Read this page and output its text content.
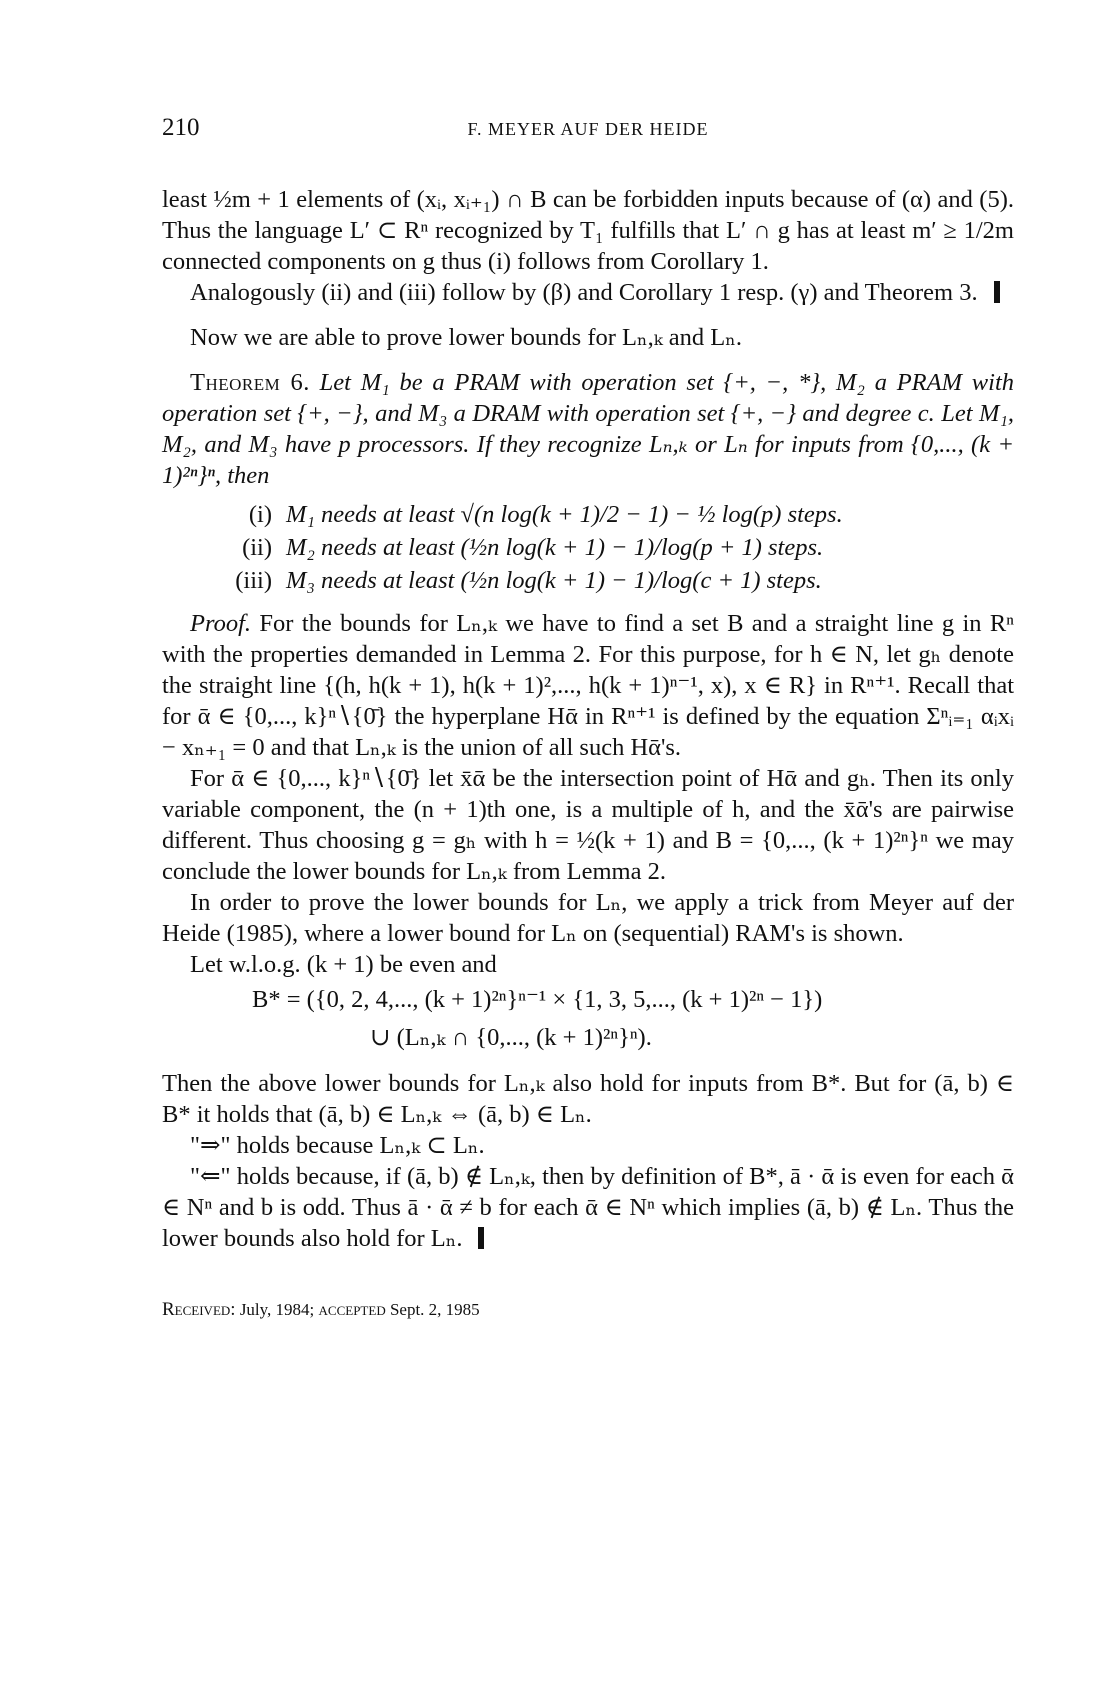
210	F. MEYER AUF DER HEIDE

least ½m + 1 elements of (xᵢ, xᵢ₊₁) ∩ B can be forbidden inputs because of (α) and (5). Thus the language L′ ⊂ Rⁿ recognized by T₁ fulfills that L′ ∩ g has at least m′ ≥ 1/2m connected components on g thus (i) follows from Corollary 1.

Analogously (ii) and (iii) follow by (β) and Corollary 1 resp. (γ) and Theorem 3.

Now we are able to prove lower bounds for Lₙ,ₖ and Lₙ.

Theorem 6. Let M₁ be a PRAM with operation set {+, −, *}, M₂ a PRAM with operation set {+, −}, and M₃ a DRAM with operation set {+, −} and degree c. Let M₁, M₂, and M₃ have p processors. If they recognize Lₙ,ₖ or Lₙ for inputs from {0,..., (k + 1)²ⁿ}ⁿ, then

(i) M₁ needs at least √(n log(k + 1)/2 − 1) − ½ log(p) steps.
(ii) M₂ needs at least (½n log(k + 1) − 1)/log(p + 1) steps.
(iii) M₃ needs at least (½n log(k + 1) − 1)/log(c + 1) steps.

Proof. For the bounds for Lₙ,ₖ we have to find a set B and a straight line g in Rⁿ with the properties demanded in Lemma 2. For this purpose, for h ∈ N, let gₕ denote the straight line {(h, h(k + 1), h(k + 1)²,..., h(k + 1)ⁿ⁻¹, x), x ∈ R} in Rⁿ⁺¹. Recall that for ᾱ ∈ {0,..., k}ⁿ∖{0̄} the hyperplane Hᾱ in Rⁿ⁺¹ is defined by the equation Σⁿᵢ₌₁ αᵢxᵢ − xₙ₊₁ = 0 and that Lₙ,ₖ is the union of all such Hᾱ's.

For ᾱ ∈ {0,..., k}ⁿ∖{0̄} let x̄ᾱ be the intersection point of Hᾱ and gₕ. Then its only variable component, the (n + 1)th one, is a multiple of h, and the x̄ᾱ's are pairwise different. Thus choosing g = gₕ with h = ½(k + 1) and B = {0,..., (k + 1)²ⁿ}ⁿ we may conclude the lower bounds for Lₙ,ₖ from Lemma 2.

In order to prove the lower bounds for Lₙ, we apply a trick from Meyer auf der Heide (1985), where a lower bound for Lₙ on (sequential) RAM's is shown.

Let w.l.o.g. (k + 1) be even and

B* = ({0, 2, 4,..., (k + 1)²ⁿ}ⁿ⁻¹ × {1, 3, 5,..., (k + 1)²ⁿ − 1})
∪ (Lₙ,ₖ ∩ {0,..., (k + 1)²ⁿ}ⁿ).

Then the above lower bounds for Lₙ,ₖ also hold for inputs from B*. But for (ā, b) ∈ B* it holds that (ā, b) ∈ Lₙ,ₖ ⇔ (ā, b) ∈ Lₙ.

"⇒" holds because Lₙ,ₖ ⊂ Lₙ.

"⇐" holds because, if (ā, b) ∉ Lₙ,ₖ, then by definition of B*, ā · ᾱ is even for each ᾱ ∈ Nⁿ and b is odd. Thus ā · ᾱ ≠ b for each ᾱ ∈ Nⁿ which implies (ā, b) ∉ Lₙ. Thus the lower bounds also hold for Lₙ.

Received: July, 1984; accepted Sept. 2, 1985
